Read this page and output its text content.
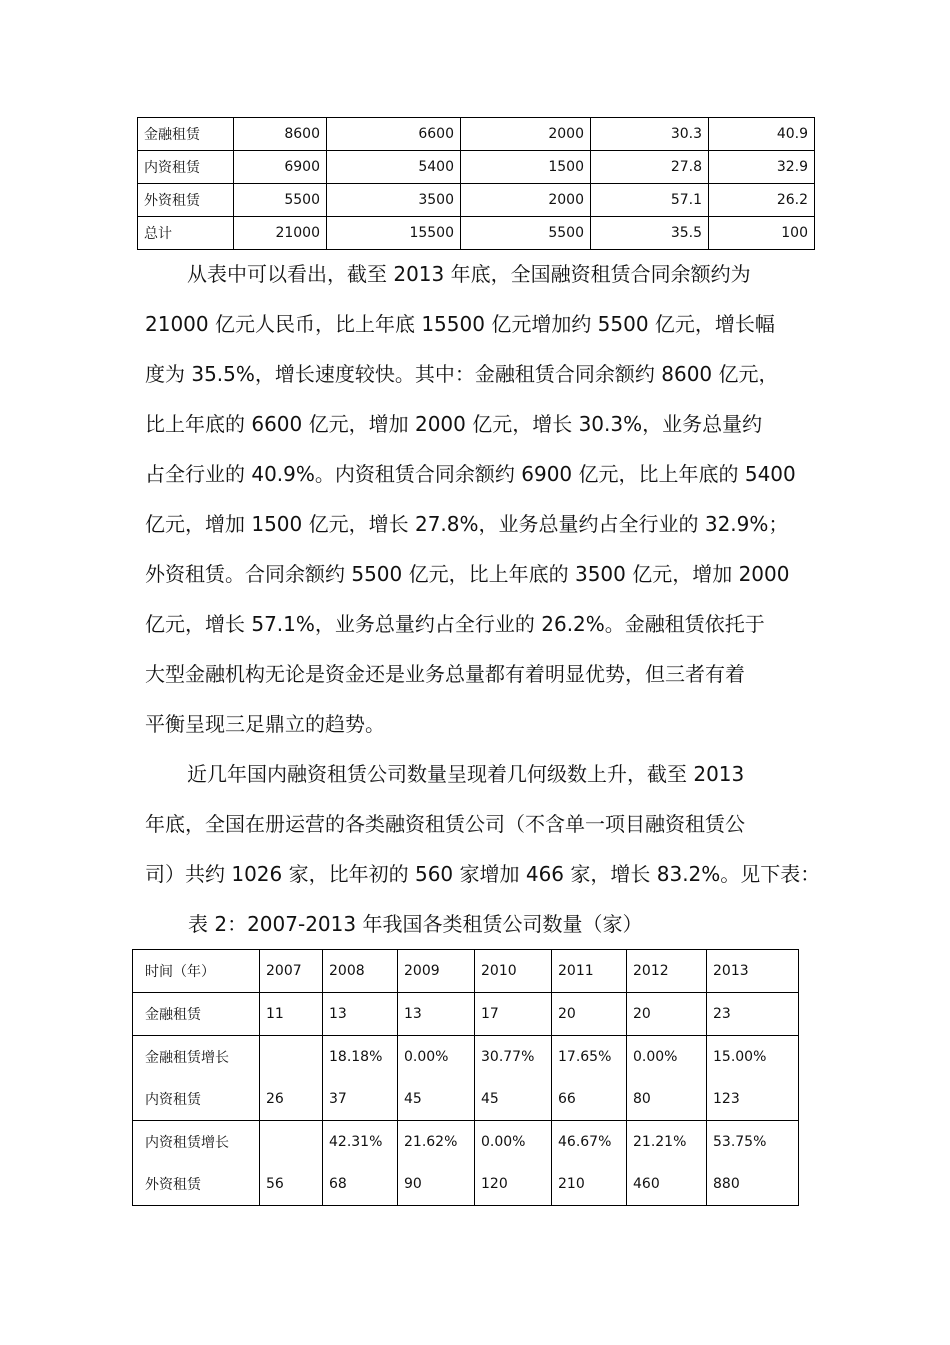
金融租赁	8600	6600	2000	30.3	40.9
内资租赁	6900	5400	1500	27.8	32.9
外资租赁	5500	3500	2000	57.1	26.2
总计	21000	15500	5500	35.5	100

从表中可以看出，截至 2013 年底，全国融资租赁合同余额约为
21000 亿元人民币，比上年底 15500 亿元增加约 5500 亿元，增长幅
度为 35.5%，增长速度较快。其中：金融租赁合同余额约 8600 亿元，
比上年底的 6600 亿元，增加 2000 亿元，增长 30.3%，业务总量约
占全行业的 40.9%。内资租赁合同余额约 6900 亿元，比上年底的 5400
亿元，增加 1500 亿元，增长 27.8%，业务总量约占全行业的 32.9%；
外资租赁。合同余额约 5500 亿元，比上年底的 3500 亿元，增加 2000
亿元，增长 57.1%，业务总量约占全行业的 26.2%。金融租赁依托于
大型金融机构无论是资金还是业务总量都有着明显优势，但三者有着
平衡呈现三足鼎立的趋势。

近几年国内融资租赁公司数量呈现着几何级数上升，截至 2013
年底，全国在册运营的各类融资租赁公司（不含单一项目融资租赁公
司）共约 1026 家，比年初的 560 家增加 466 家，增长 83.2%。见下表：

表 2：2007-2013 年我国各类租赁公司数量（家）

时间（年）	2007	2008	2009	2010	2011	2012	2013
金融租赁	11	13	13	17	20	20	23
金融租赁增长		18.18%	0.00%	30.77%	17.65%	0.00%	15.00%
内资租赁	26	37	45	45	66	80	123
内资租赁增长		42.31%	21.62%	0.00%	46.67%	21.21%	53.75%
外资租赁	56	68	90	120	210	460	880
